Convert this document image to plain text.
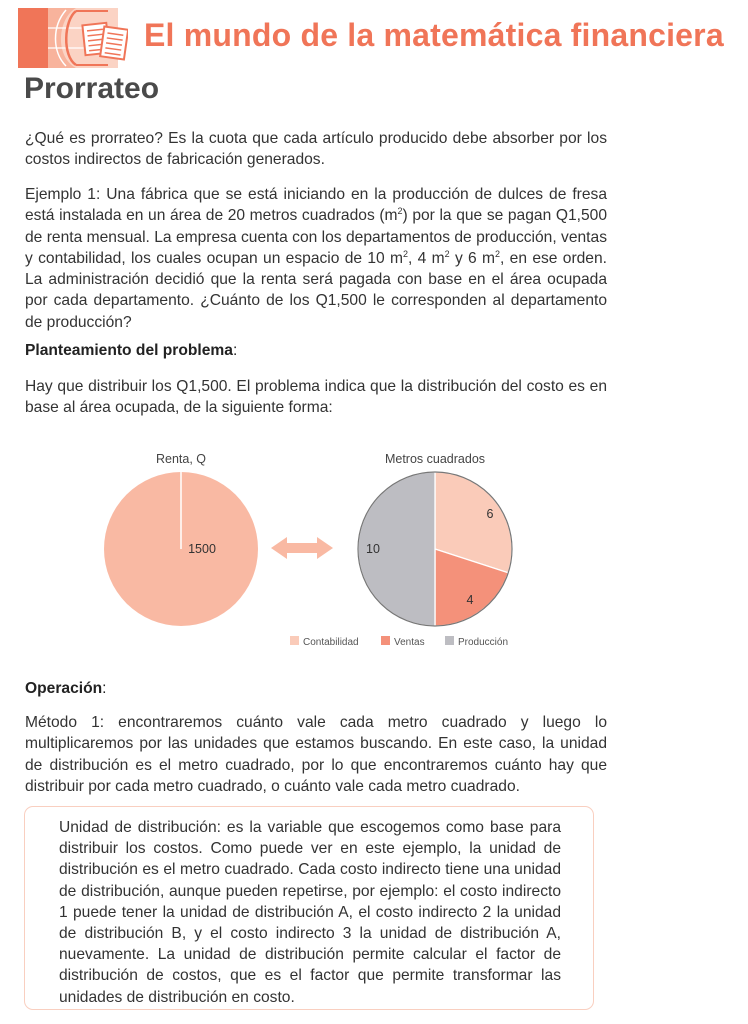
El mundo de la matemática financiera
Prorrateo

¿Qué es prorrateo? Es la cuota que cada artículo producido debe absorber por los costos indirectos de fabricación generados.

Ejemplo 1: Una fábrica que se está iniciando en la producción de dulces de fresa está instalada en un área de 20 metros cuadrados $(m^2)$ por la que se pagan Q1,500 de renta mensual. La empresa cuenta con los departamentos de producción, ventas y contabilidad, los cuales ocupan un espacio de 10 $m^2$, 4 $m^2$ y 6 $m^2$, en ese orden. La administración decidió que la renta será pagada con base en el área ocupada por cada departamento. ¿Cuánto de los Q1,500 le corresponden al departamento de producción?

Planteamiento del problema:

Hay que distribuir los Q1,500. El problema indica que la distribución del costo es en base al área ocupada, de la siguiente forma:

Renta, Q
1500
Metros cuadrados
6
4
10
Contabilidad	Ventas	Producción
Operación:

Método 1: encontraremos cuánto vale cada metro cuadrado y luego lo multiplicaremos por las unidades que estamos buscando. En este caso, la unidad de distribución es el metro cuadrado, por lo que encontraremos cuánto hay que distribuir por cada metro cuadrado, o cuánto vale cada metro cuadrado.

Unidad de distribución: es la variable que escogemos como base para distribuir los costos. Como puede ver en este ejemplo, la unidad de distribución es el metro cuadrado. Cada costo indirecto tiene una unidad de distribución, aunque pueden repetirse, por ejemplo: el costo indirecto 1 puede tener la unidad de distribución A, el costo indirecto 2 la unidad de distribución B, y el costo indirecto 3 la unidad de distribución A, nuevamente. La unidad de distribución permite calcular el factor de distribución de costos, que es el factor que permite transformar las unidades de distribución en costo.
